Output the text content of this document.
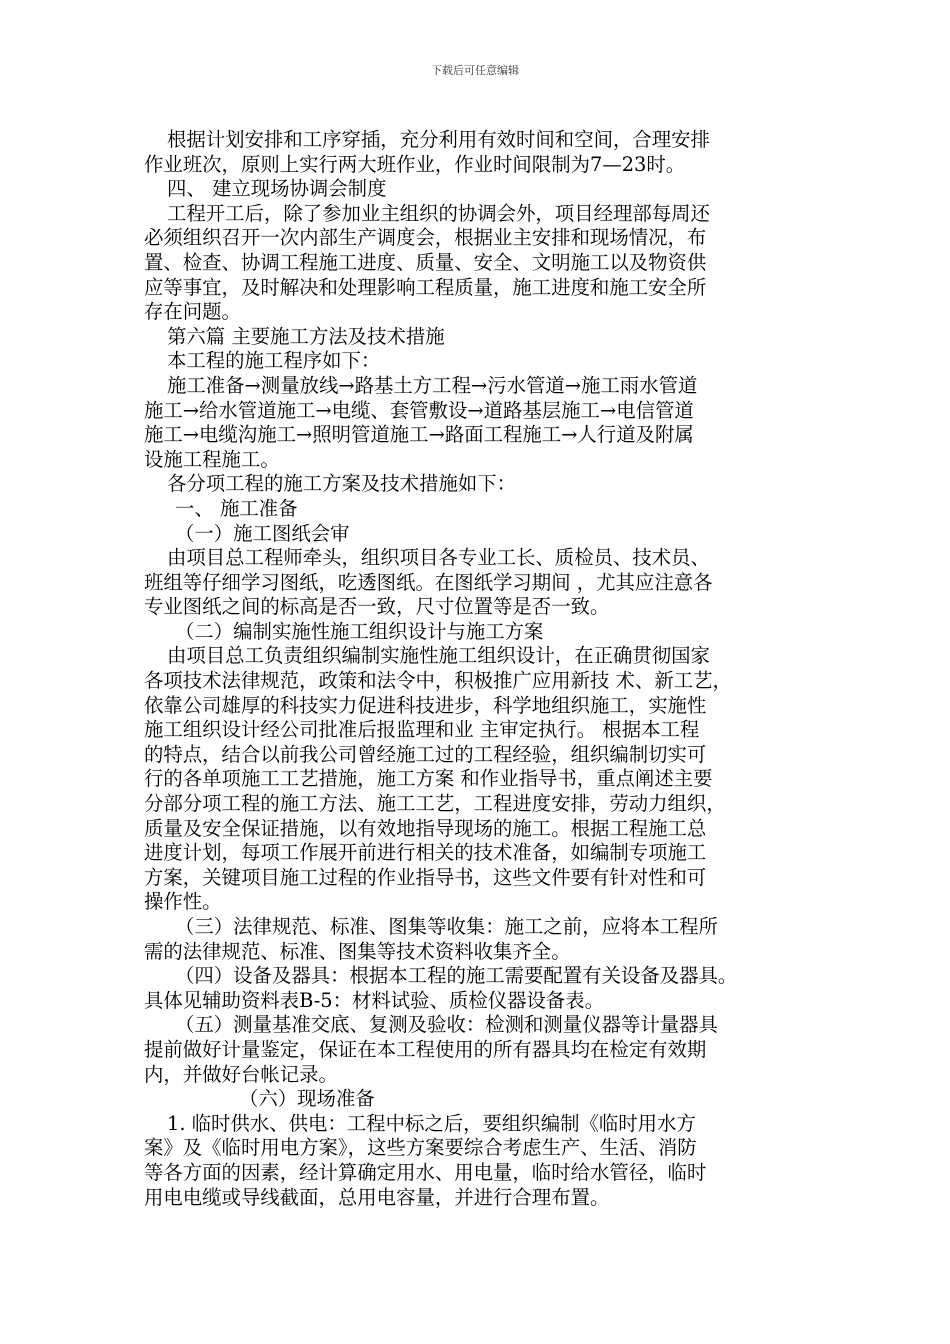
下载后可任意编辑
根据计划安排和工序穿插，充分利用有效时间和空间，合理安排
作业班次，原则上实行两大班作业，作业时间限制为7—23时。
四、 建立现场协调会制度
工程开工后，除了参加业主组织的协调会外，项目经理部每周还
必须组织召开一次内部生产调度会，根据业主安排和现场情况，布
置、检查、协调工程施工进度、质量、安全、文明施工以及物资供
应等事宜，及时解决和处理影响工程质量，施工进度和施工安全所
存在问题。
第六篇 主要施工方法及技术措施
本工程的施工程序如下：
施工准备→测量放线→路基土方工程→污水管道→施工雨水管道
施工→给水管道施工→电缆、套管敷设→道路基层施工→电信管道
施工→电缆沟施工→照明管道施工→路面工程施工→人行道及附属
设施工程施工。
各分项工程的施工方案及技术措施如下：
一、 施工准备
（一）施工图纸会审
由项目总工程师牵头，组织项目各专业工长、质检员、技术员、
班组等仔细学习图纸，吃透图纸。在图纸学习期间 ，尤其应注意各
专业图纸之间的标高是否一致，尺寸位置等是否一致。
（二）编制实施性施工组织设计与施工方案
由项目总工负责组织编制实施性施工组织设计，在正确贯彻国家
各项技术法律规范，政策和法令中，积极推广应用新技 术、新工艺，
依靠公司雄厚的科技实力促进科技进步，科学地组织施工，实施性
施工组织设计经公司批准后报监理和业 主审定执行。 根据本工程
的特点，结合以前我公司曾经施工过的工程经验，组织编制切实可
行的各单项施工工艺措施，施工方案 和作业指导书，重点阐述主要
分部分项工程的施工方法、施工工艺，工程进度安排，劳动力组织，
质量及安全保证措施，以有效地指导现场的施工。根据工程施工总
进度计划，每项工作展开前进行相关的技术准备，如编制专项施工
方案，关键项目施工过程的作业指导书，这些文件要有针对性和可
操作性。
（三）法律规范、标准、图集等收集：施工之前，应将本工程所
需的法律规范、标准、图集等技术资料收集齐全。
（四）设备及器具：根据本工程的施工需要配置有关设备及器具。
具体见辅助资料表B-5：材料试验、质检仪器设备表。
（五）测量基准交底、复测及验收：检测和测量仪器等计量器具
提前做好计量鉴定，保证在本工程使用的所有器具均在检定有效期
内，并做好台帐记录。
（六）现场准备
1. 临时供水、供电：工程中标之后，要组织编制《临时用水方
案》及《临时用电方案》，这些方案要综合考虑生产、生活、消防
等各方面的因素，经计算确定用水、用电量，临时给水管径，临时
用电电缆或导线截面，总用电容量，并进行合理布置。
